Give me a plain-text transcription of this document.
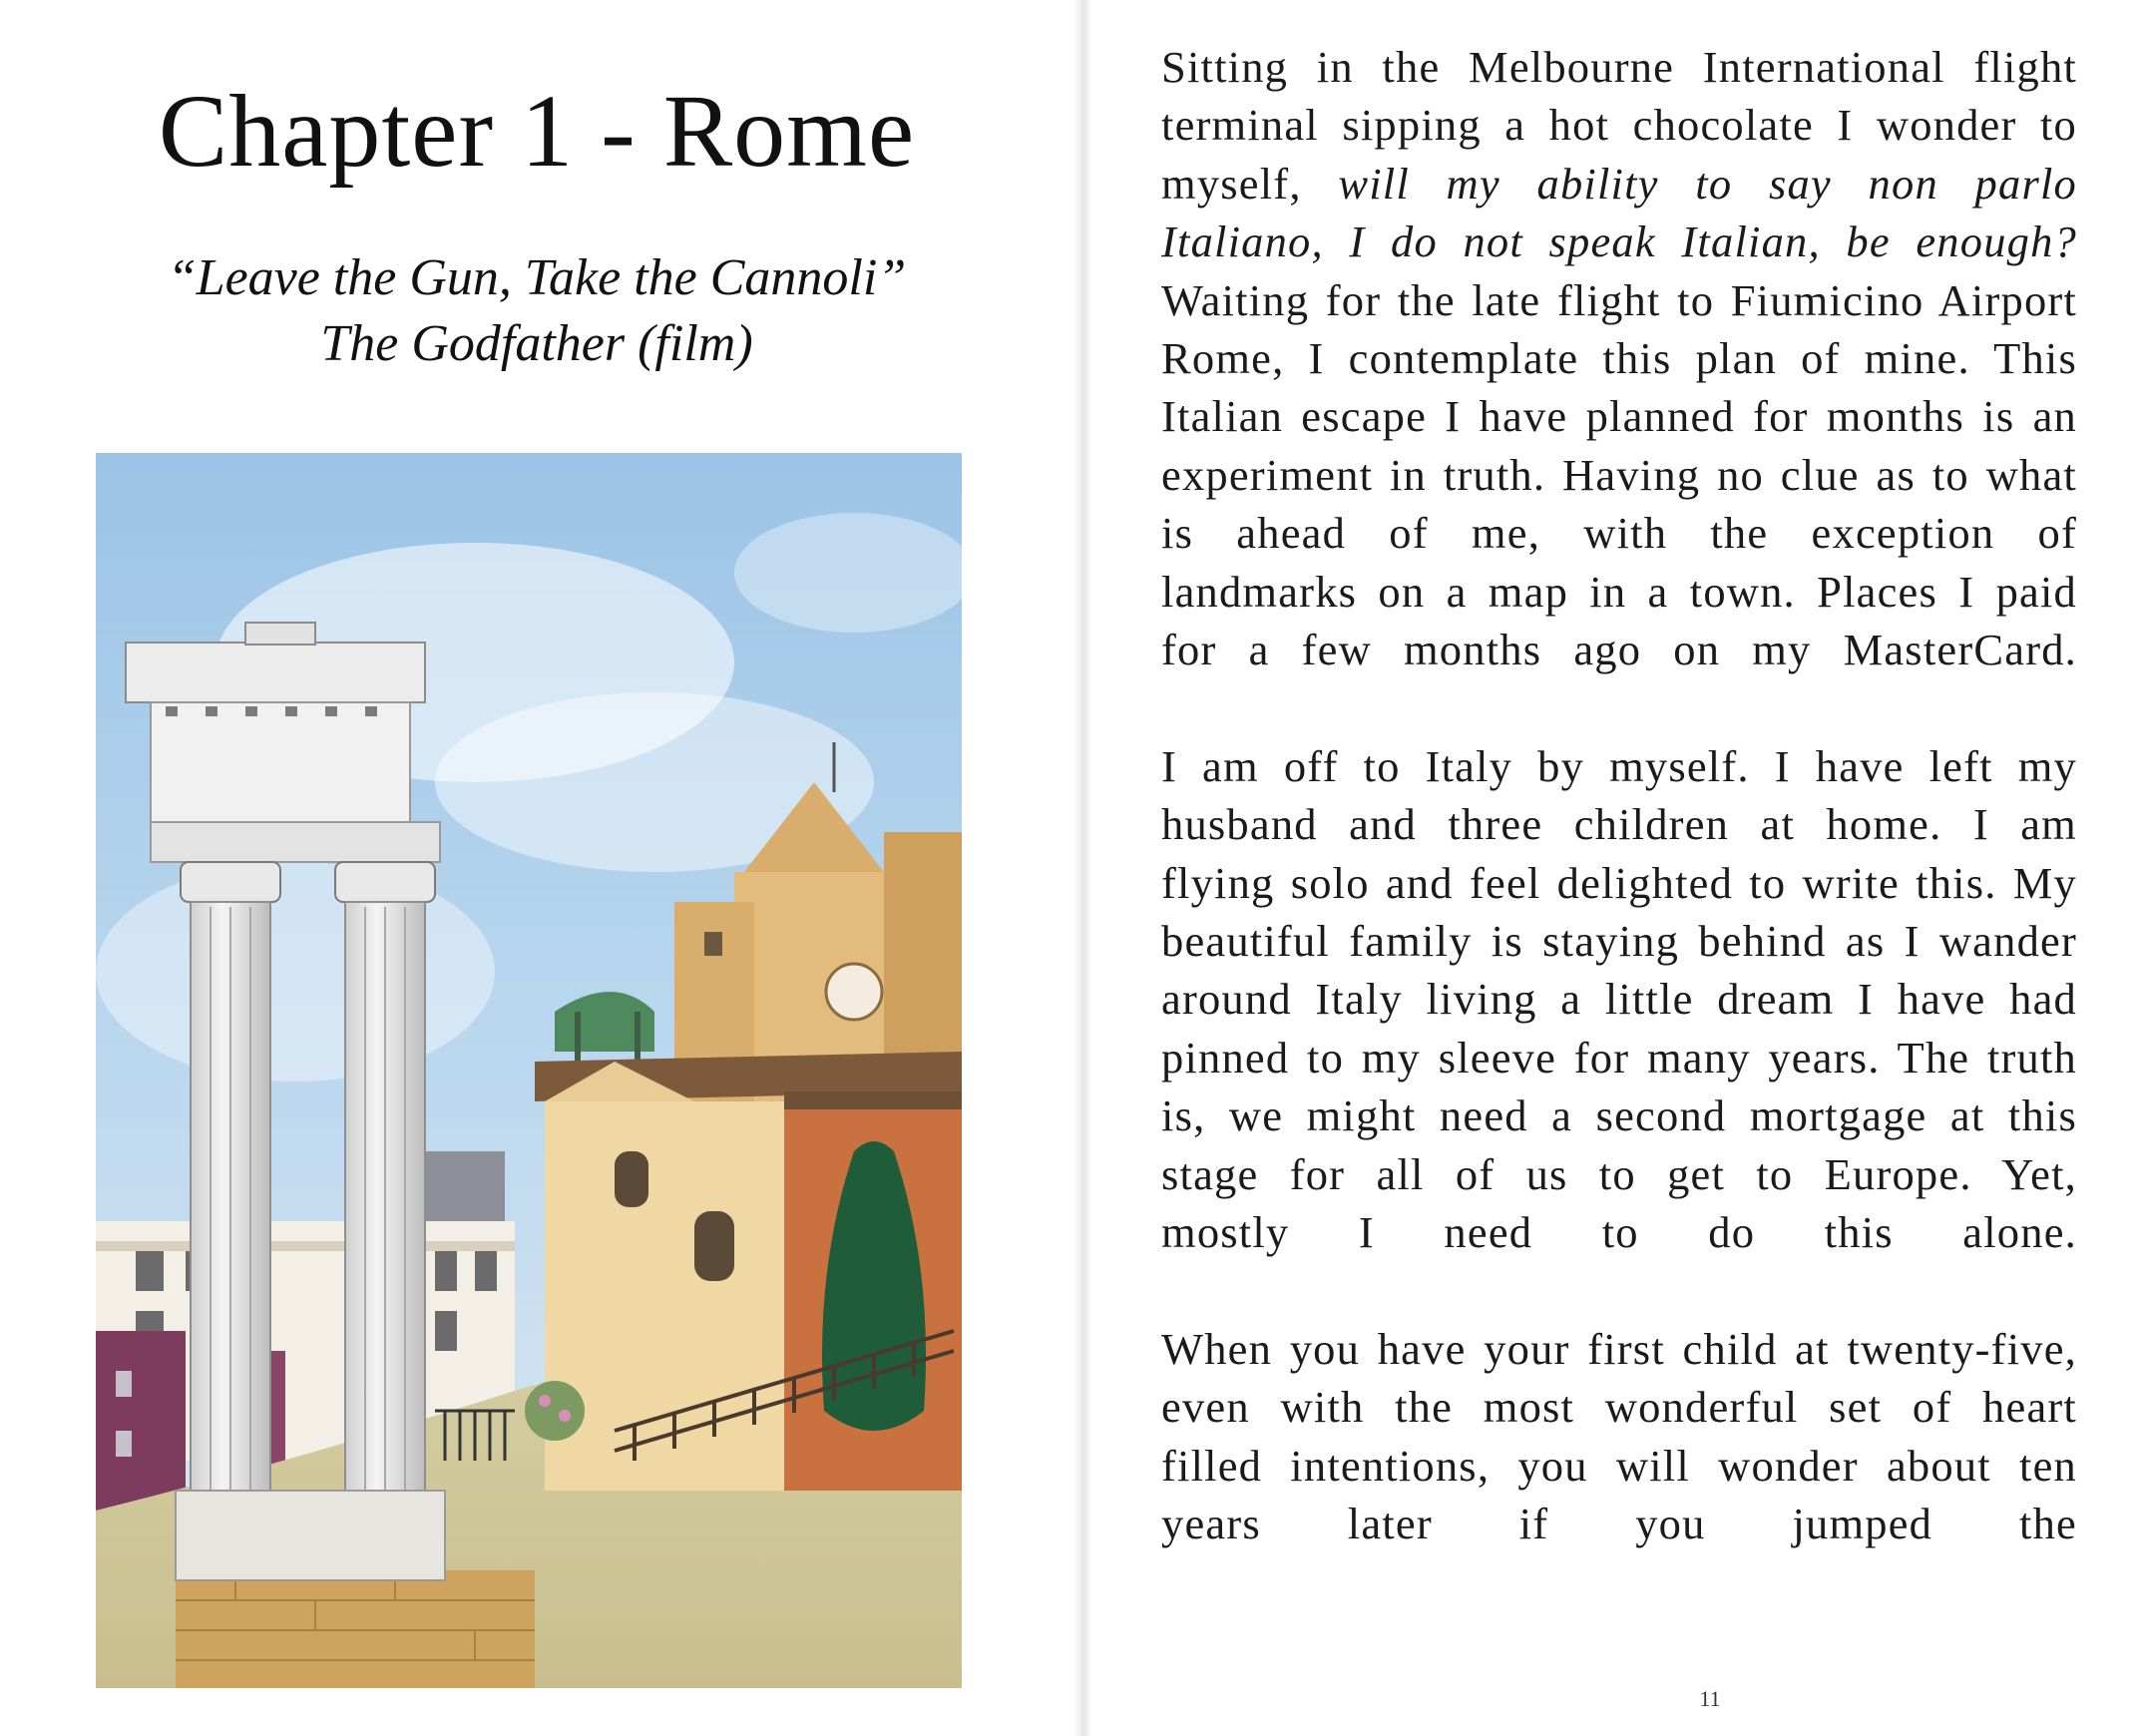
Chapter 1 - Rome
“Leave the Gun, Take the Cannoli”
The Godfather (film)

Sitting in the Melbourne International flight terminal sipping a hot chocolate I wonder to myself, will my ability to say non parlo Italiano, I do not speak Italian, be enough? Waiting for the late flight to Fiumicino Airport Rome, I contemplate this plan of mine. This Italian escape I have planned for months is an experiment in truth. Having no clue as to what is ahead of me, with the exception of landmarks on a map in a town. Places I paid for a few months ago on my MasterCard.

I am off to Italy by myself. I have left my husband and three children at home. I am flying solo and feel delighted to write this. My beautiful family is staying behind as I wander around Italy living a little dream I have had pinned to my sleeve for many years. The truth is, we might need a second mortgage at this stage for all of us to get to Europe. Yet, mostly I need to do this alone.

When you have your first child at twenty-five, even with the most wonderful set of heart filled intentions, you will wonder about ten years later if you jumped the

11
